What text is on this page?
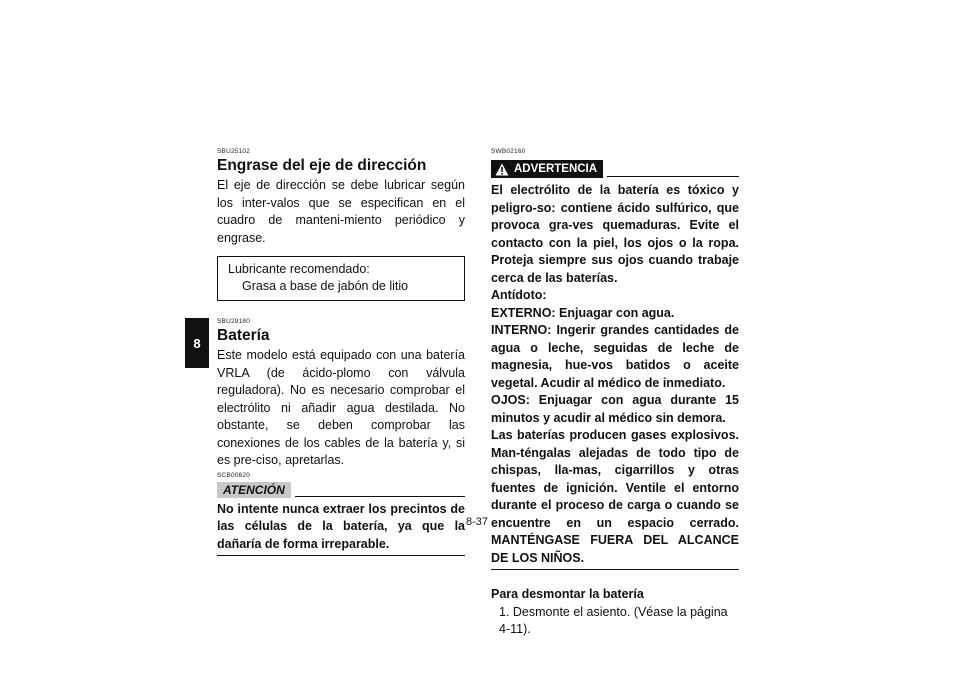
8
SBU25102
Engrase del eje de dirección

El eje de dirección se debe lubricar según los inter-valos que se especifican en el cuadro de manteni-miento periódico y engrase.

Lubricante recomendado:
Grasa a base de jabón de litio
SBU29180
Batería

Este modelo está equipado con una batería VRLA (de ácido-plomo con válvula reguladora). No es necesario comprobar el electrólito ni añadir agua destilada. No obstante, se deben comprobar las conexiones de los cables de la batería y, si es pre-ciso, apretarlas.

SCB00620
ATENCIÓN

No intente nunca extraer los precintos de las células de la batería, ya que la dañaría de forma irreparable.

SWB02160
ADVERTENCIA

El electrólito de la batería es tóxico y peligro-so: contiene ácido sulfúrico, que provoca gra-ves quemaduras. Evite el contacto con la piel, los ojos o la ropa. Proteja siempre sus ojos cuando trabaje cerca de las baterías.

Antídoto:

EXTERNO: Enjuagar con agua.

INTERNO: Ingerir grandes cantidades de agua o leche, seguidas de leche de magnesia, hue-vos batidos o aceite vegetal. Acudir al médico de inmediato.

OJOS: Enjuagar con agua durante 15 minutos y acudir al médico sin demora.

Las baterías producen gases explosivos. Man-téngalas alejadas de todo tipo de chispas, lla-mas, cigarrillos y otras fuentes de ignición. Ventile el entorno durante el proceso de carga o cuando se encuentre en un espacio cerrado. MANTÉNGASE FUERA DEL ALCANCE DE LOS NIÑOS.

Para desmontar la batería
1. Desmonte el asiento. (Véase la página 4-11).
8-37
